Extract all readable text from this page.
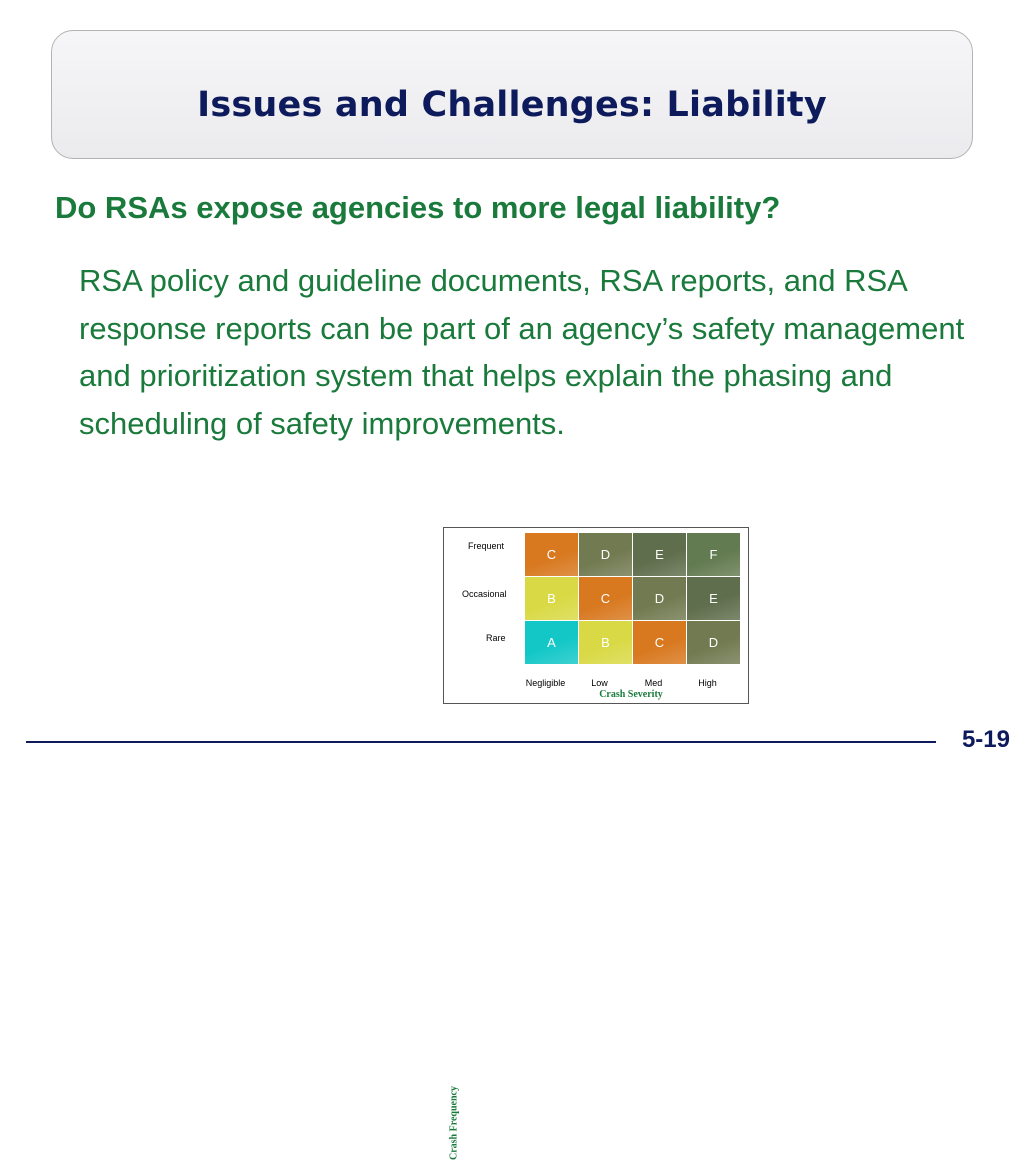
Issues and Challenges: Liability
Do RSAs expose agencies to more legal liability?
RSA policy and guideline documents, RSA reports, and RSA response reports can be part of an agency’s safety management and prioritization system that helps explain the phasing and scheduling of safety improvements.
Crash Frequency
Crash Severity
Frequent
Occasional
Rare
C	D	E	F
B	C	D	E
A	B	C	D
Negligible	Low	Med	High
5-19
